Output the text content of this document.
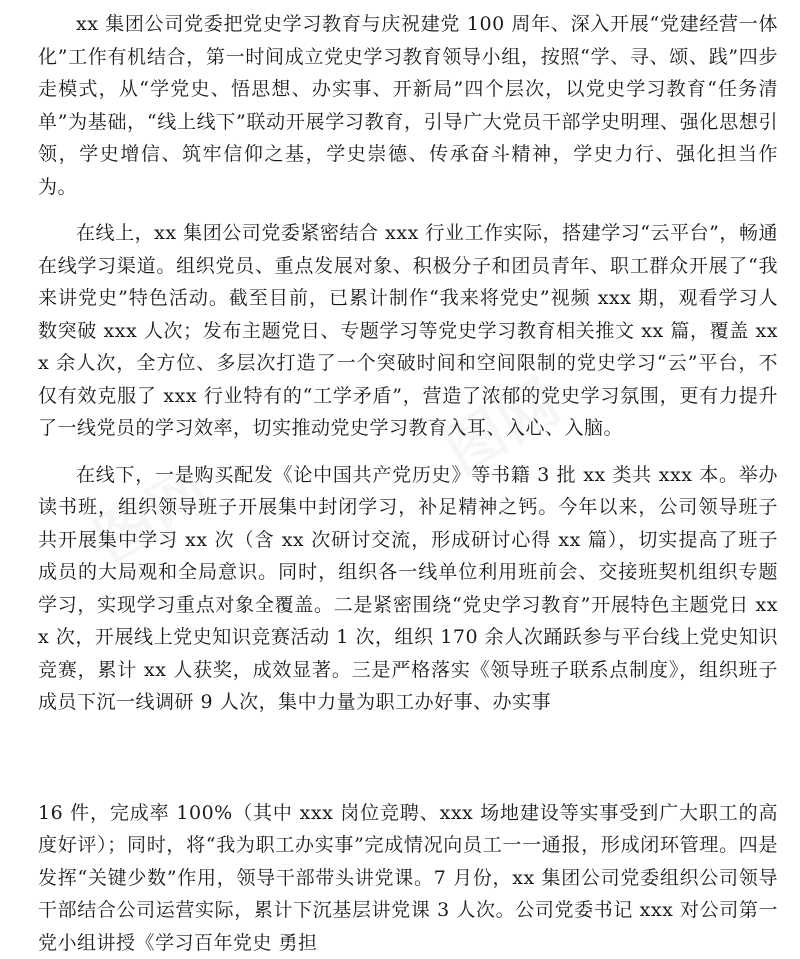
xx 集团公司党委把党史学习教育与庆祝建党 100 周年、深入开展“党建经营一体化”工作有机结合，第一时间成立党史学习教育领导小组，按照“学、寻、颂、践”四步走模式，从“学党史、悟思想、办实事、开新局”四个层次，以党史学习教育“任务清单”为基础，“线上线下”联动开展学习教育，引导广大党员干部学史明理、强化思想引领，学史增信、筑牢信仰之基，学史崇德、传承奋斗精神，学史力行、强化担当作为。

在线上，xx 集团公司党委紧密结合 xxx 行业工作实际，搭建学习“云平台”，畅通在线学习渠道。组织党员、重点发展对象、积极分子和团员青年、职工群众开展了“我来讲党史”特色活动。截至目前，已累计制作“我来将党史”视频 xxx 期，观看学习人数突破 xxx 人次；发布主题党日、专题学习等党史学习教育相关推文 xx 篇，覆盖 xxx 余人次，全方位、多层次打造了一个突破时间和空间限制的党史学习“云”平台，不仅有效克服了 xxx 行业特有的“工学矛盾”，营造了浓郁的党史学习氛围，更有力提升了一线党员的学习效率，切实推动党史学习教育入耳、入心、入脑。

在线下，一是购买配发《论中国共产党历史》等书籍 3 批 xx 类共 xxx 本。举办读书班，组织领导班子开展集中封闭学习，补足精神之钙。今年以来，公司领导班子共开展集中学习 xx 次（含 xx 次研讨交流，形成研讨心得 xx 篇），切实提高了班子成员的大局观和全局意识。同时，组织各一线单位利用班前会、交接班契机组织专题学习，实现学习重点对象全覆盖。二是紧密围绕“党史学习教育”开展特色主题党日 xxx 次，开展线上党史知识竞赛活动 1 次，组织 170 余人次踊跃参与平台线上党史知识竞赛，累计 xx 人获奖，成效显著。三是严格落实《领导班子联系点制度》，组织班子成员下沉一线调研 9 人次，集中力量为职工办好事、办实事

16 件，完成率 100%（其中 xxx 岗位竞聘、xxx 场地建设等实事受到广大职工的高度好评）；同时，将“我为职工办实事”完成情况向员工一一通报，形成闭环管理。四是发挥“关键少数”作用，领导干部带头讲党课。7 月份，xx 集团公司党委组织公司领导干部结合公司运营实际，累计下沉基层讲党课 3 人次。公司党委书记 xxx 对公司第一党小组讲授《学习百年党史 勇担
